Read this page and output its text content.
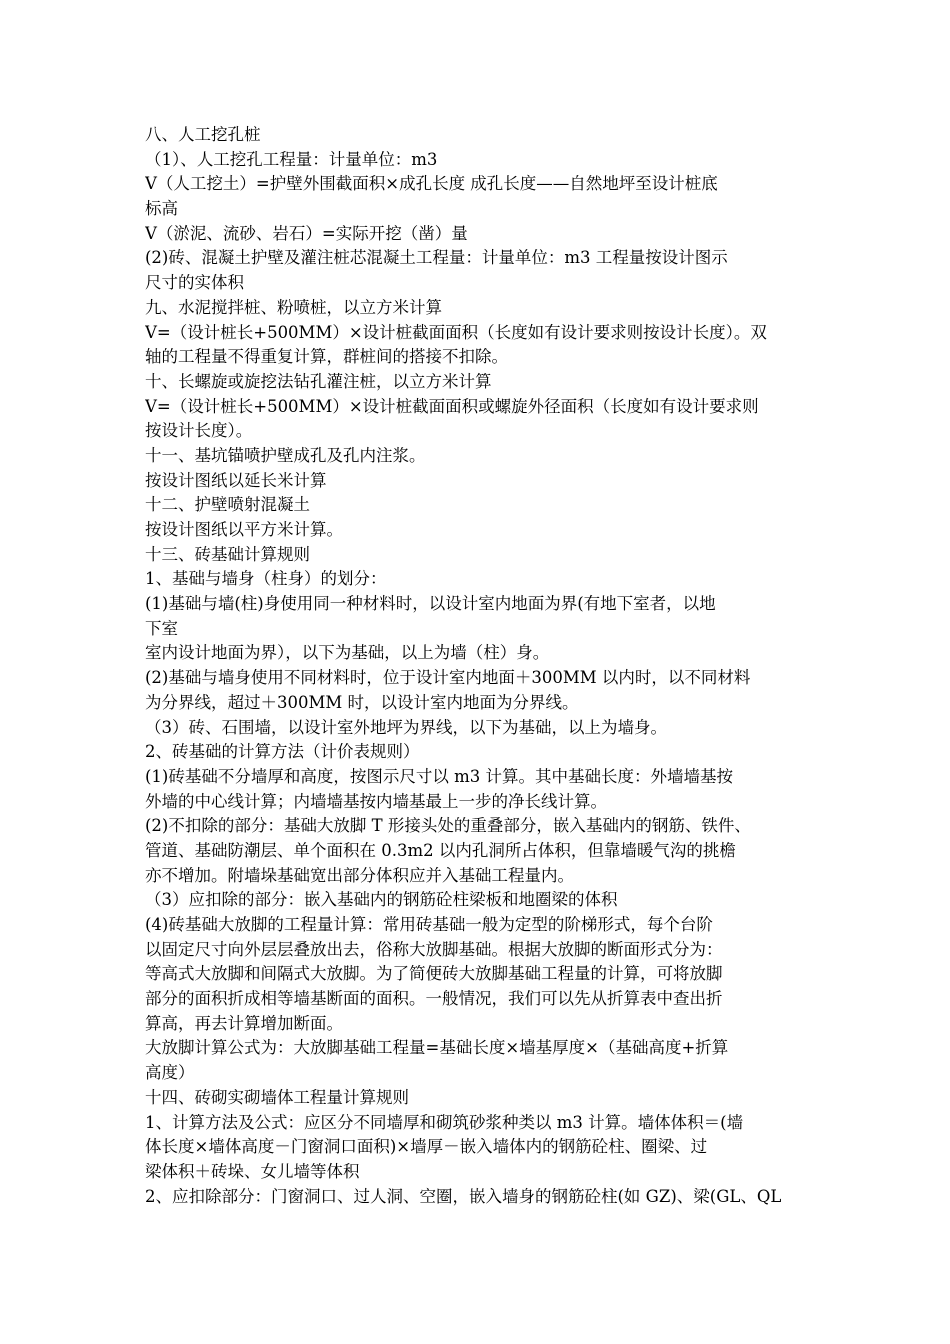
八、人工挖孔桩
（1）、人工挖孔工程量：计量单位：m3
V（人工挖土）=护壁外围截面积×成孔长度 成孔长度——自然地坪至设计桩底
标高
V（淤泥、流砂、岩石）=实际开挖（凿）量
(2)砖、混凝土护壁及灌注桩芯混凝土工程量：计量单位：m3 工程量按设计图示
尺寸的实体积
九、水泥搅拌桩、粉喷桩，以立方米计算
V=（设计桩长+500MM）×设计桩截面面积（长度如有设计要求则按设计长度）。双
轴的工程量不得重复计算，群桩间的搭接不扣除。
十、长螺旋或旋挖法钻孔灌注桩，以立方米计算
V=（设计桩长+500MM）×设计桩截面面积或螺旋外径面积（长度如有设计要求则
按设计长度）。
十一、基坑锚喷护壁成孔及孔内注浆。
按设计图纸以延长米计算
十二、护壁喷射混凝土
按设计图纸以平方米计算。
十三、砖基础计算规则
1、基础与墙身（柱身）的划分：
(1)基础与墙(柱)身使用同一种材料时，以设计室内地面为界(有地下室者，以地
下室
室内设计地面为界），以下为基础，以上为墙（柱）身。
(2)基础与墙身使用不同材料时，位于设计室内地面＋300MM 以内时，以不同材料
为分界线，超过＋300MM 时，以设计室内地面为分界线。
（3）砖、石围墙，以设计室外地坪为界线，以下为基础，以上为墙身。
2、砖基础的计算方法（计价表规则）
(1)砖基础不分墙厚和高度，按图示尺寸以 m3 计算。其中基础长度：外墙墙基按
外墙的中心线计算；内墙墙基按内墙基最上一步的净长线计算。
(2)不扣除的部分：基础大放脚 T 形接头处的重叠部分，嵌入基础内的钢筋、铁件、
管道、基础防潮层、单个面积在 0.3m2 以内孔洞所占体积，但靠墙暖气沟的挑檐
亦不增加。附墙垛基础宽出部分体积应并入基础工程量内。
（3）应扣除的部分：嵌入基础内的钢筋砼柱梁板和地圈梁的体积
(4)砖基础大放脚的工程量计算：常用砖基础一般为定型的阶梯形式，每个台阶
以固定尺寸向外层层叠放出去，俗称大放脚基础。根据大放脚的断面形式分为：
等高式大放脚和间隔式大放脚。为了简便砖大放脚基础工程量的计算，可将放脚
部分的面积折成相等墙基断面的面积。一般情况，我们可以先从折算表中查出折
算高，再去计算增加断面。
大放脚计算公式为：大放脚基础工程量=基础长度×墙基厚度×（基础高度+折算
高度）
十四、砖砌实砌墙体工程量计算规则
1、计算方法及公式：应区分不同墙厚和砌筑砂浆种类以 m3 计算。墙体体积＝(墙
体长度×墙体高度－门窗洞口面积)×墙厚－嵌入墙体内的钢筋砼柱、圈梁、过
梁体积＋砖垛、女儿墙等体积
2、应扣除部分：门窗洞口、过人洞、空圈，嵌入墙身的钢筋砼柱(如 GZ)、梁(GL、QL
